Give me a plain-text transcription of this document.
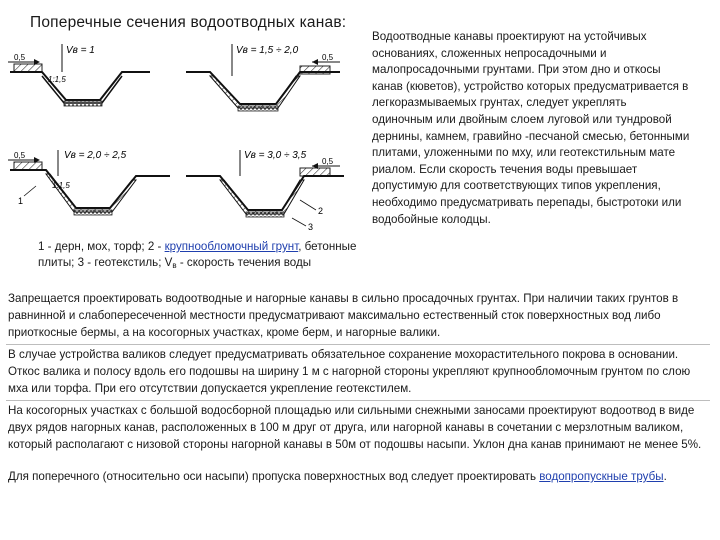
Поперечные сечения водоотводных канав:
Vв = 1
1:1,5
0,5
Vв = 1,5 ÷ 2,0
0,5
Vв = 2,0 ÷ 2,5
1:1,5
0,5
1
Vв = 3,0 ÷ 3,5
0,5
2
3

Водоотводные канавы проектируют на устойчивых основаниях, сложенных непросадочными и малопросадочными грунтами. При этом дно и откосы канав (кюветов), устройство которых предусматривается в легкоразмываемых грунтах, следует укреплять одиночным или двойным слоем луговой или тундровой дернины, камнем, гравийно -песчаной смесью, бетонными плитами, уложенными по мху, или геотекстильным мате риалом. Если скорость течения воды превышает допустимую для соответствующих типов укрепления, необходимо предусматривать перепады, быстротоки или водобойные колодцы.

1 - дерн, мох, торф; 2 - крупнообломочный грунт, бетонные плиты; 3 - геотекстиль; $V_в$ - скорость течения воды

Запрещается проектировать водоотводные и нагорные канавы в сильно просадочных грунтах. При наличии таких грунтов в равнинной и слабопересеченной местности предусматривают максимально естественный сток поверхностных вод либо приоткосные бермы, а на косогорных участках, кроме берм, и нагорные валики.

В случае устройства валиков следует предусматривать обязательное сохранение мохорастительного покрова в основании. Откос валика и полосу вдоль его подошвы на ширину 1 м с нагорной стороны укрепляют крупнообломочным грунтом по слою мха или торфа. При его отсутствии допускается укрепление геотекстилем.

На косогорных участках с большой водосборной площадью или сильными снежными заносами проектируют водоотвод в виде двух рядов нагорных канав, расположенных в 100 м друг от друга, или нагорной канавы в сочетании с мерзлотным валиком, который располагают с низовой стороны нагорной канавы в 50м от подошвы насыпи. Уклон дна канав принимают не менее 5%.

Для поперечного (относительно оси насыпи) пропуска поверхностных вод следует проектировать водопропускные трубы.
